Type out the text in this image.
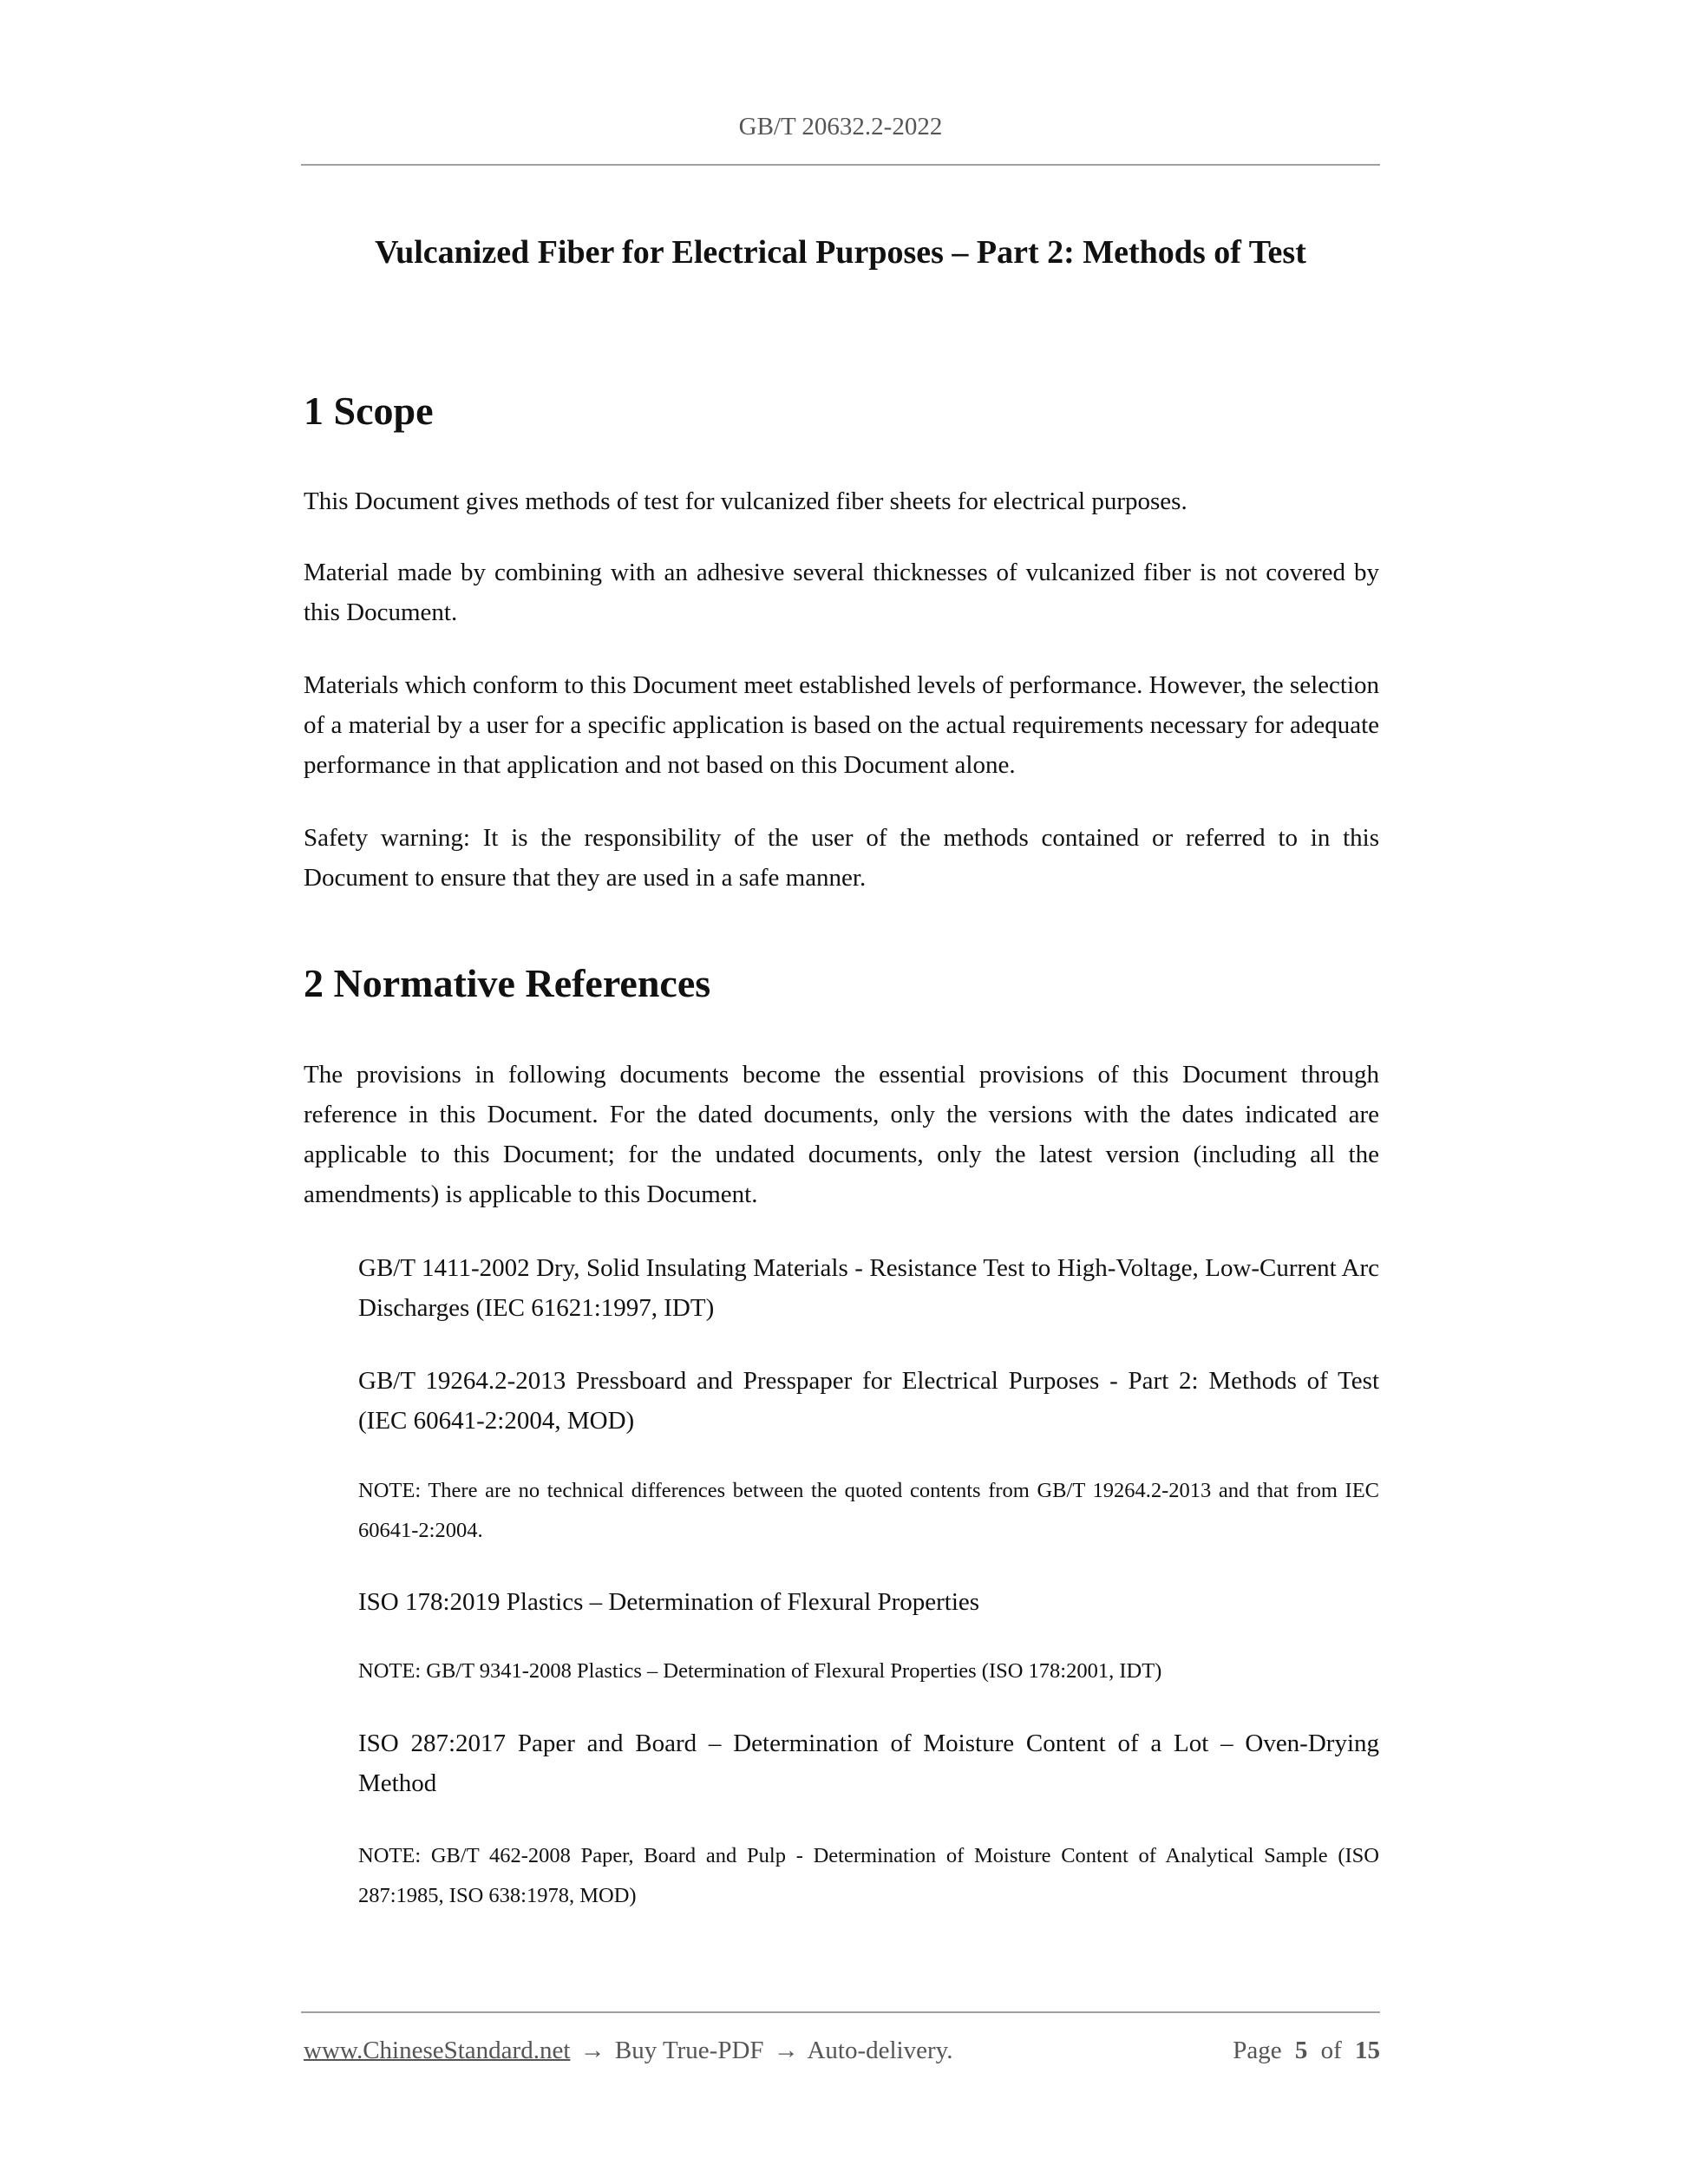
GB/T 20632.2-2022
Vulcanized Fiber for Electrical Purposes – Part 2: Methods of Test
1 Scope

This Document gives methods of test for vulcanized fiber sheets for electrical purposes.

Material made by combining with an adhesive several thicknesses of vulcanized fiber is not covered by this Document.

Materials which conform to this Document meet established levels of performance. However, the selection of a material by a user for a specific application is based on the actual requirements necessary for adequate performance in that application and not based on this Document alone.

Safety warning: It is the responsibility of the user of the methods contained or referred to in this Document to ensure that they are used in a safe manner.

2 Normative References

The provisions in following documents become the essential provisions of this Document through reference in this Document. For the dated documents, only the versions with the dates indicated are applicable to this Document; for the undated documents, only the latest version (including all the amendments) is applicable to this Document.

GB/T 1411-2002 Dry, Solid Insulating Materials - Resistance Test to High-Voltage, Low-Current Arc Discharges (IEC 61621:1997, IDT)

GB/T 19264.2-2013 Pressboard and Presspaper for Electrical Purposes - Part 2: Methods of Test (IEC 60641-2:2004, MOD)

NOTE: There are no technical differences between the quoted contents from GB/T 19264.2-2013 and that from IEC 60641-2:2004.

ISO 178:2019 Plastics – Determination of Flexural Properties

NOTE: GB/T 9341-2008 Plastics – Determination of Flexural Properties (ISO 178:2001, IDT)

ISO 287:2017 Paper and Board – Determination of Moisture Content of a Lot – Oven-Drying Method

NOTE: GB/T 462-2008 Paper, Board and Pulp - Determination of Moisture Content of Analytical Sample (ISO 287:1985, ISO 638:1978, MOD)

www.ChineseStandard.net → Buy True-PDF → Auto-delivery.	Page 5 of 15
